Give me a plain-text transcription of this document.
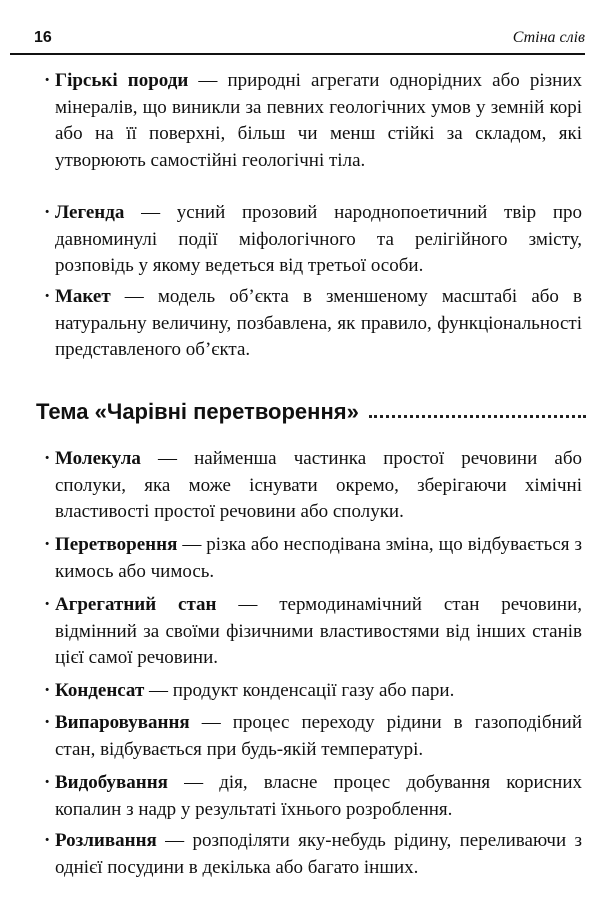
16	Стіна слів
· Гірські породи — природні агрегати однорідних або різних мінералів, що виникли за певних геологічних умов у земній корі або на її поверхні, більш чи менш стійкі за складом, які утворюють самостійні геологічні тіла.
· Легенда — усний прозовий народнопоетичний твір про давноминулі події міфологічного та релігійного змісту, розповідь у якому ведеться від третьої особи.
· Макет — модель об’єкта в зменшеному масштабі або в натуральну величину, позбавлена, як правило, функціональності представленого об’єкта.
Тема «Чарівні перетворення»
· Молекула — найменша частинка простої речовини або сполуки, яка може існувати окремо, зберігаючи хімічні властивості простої речовини або сполуки.
· Перетворення — різка або несподівана зміна, що відбувається з кимось або чимось.
· Агрегатний стан — термодинамічний стан речовини, відмінний за своїми фізичними властивостями від інших станів цієї самої речовини.
· Конденсат — продукт конденсації газу або пари.
· Випаровування — процес переходу рідини в газоподібний стан, відбувається при будь-якій температурі.
· Видобування — дія, власне процес добування корисних копалин з надр у результаті їхнього розроблення.
· Розливання — розподіляти яку-небудь рідину, переливаючи з однієї посудини в декілька або багато інших.
